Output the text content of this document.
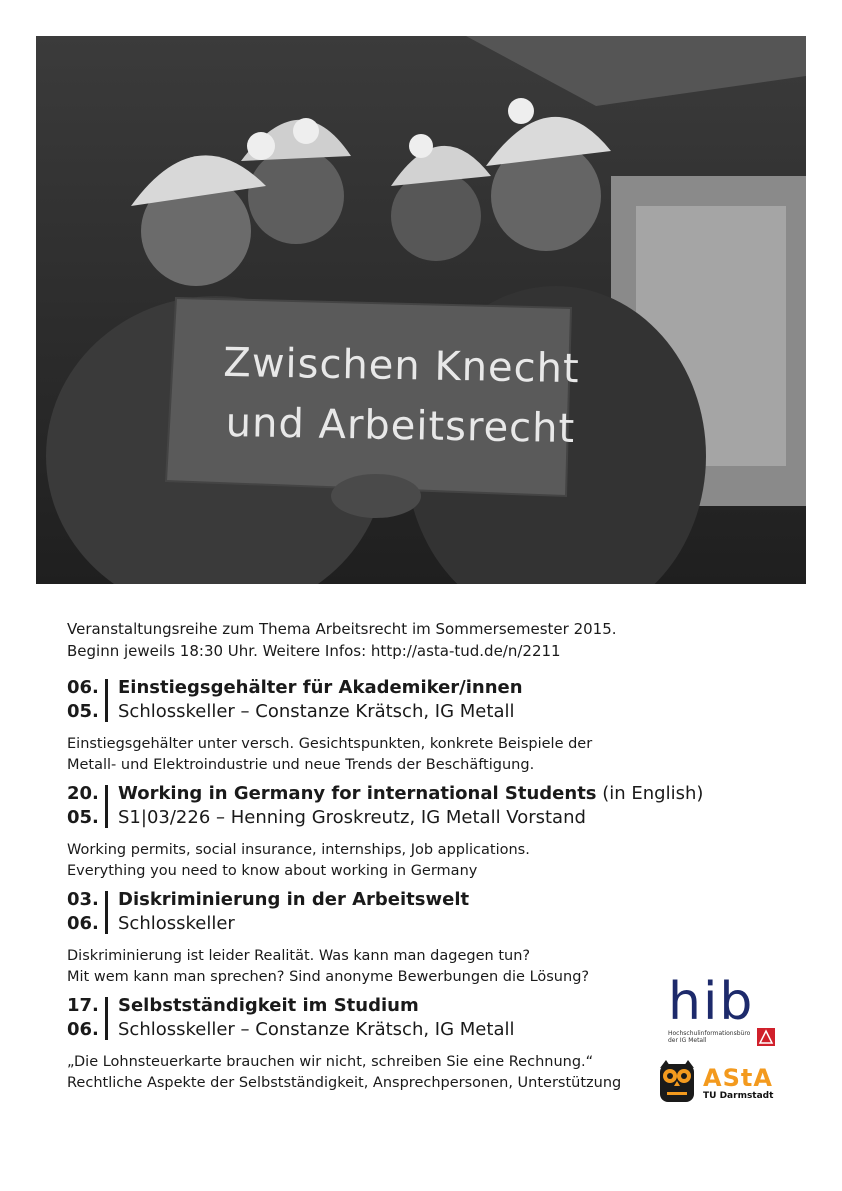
Zwischen Knecht
und Arbeitsrecht
Veranstaltungsreihe zum Thema Arbeitsrecht im Sommersemester 2015.
Beginn jeweils 18:30 Uhr. Weitere Infos: http://asta-tud.de/n/2211
06.
05.
Einstiegsgehälter für Akademiker/innen
Schlosskeller – Constanze Krätsch, IG Metall
Einstiegsgehälter unter versch. Gesichtspunkten, konkrete Beispiele der
Metall- und Elektroindustrie und neue Trends der Beschäftigung.
20.
05.
Working in Germany for international Students (in English)
S1|03/226 – Henning Groskreutz, IG Metall Vorstand
Working permits, social insurance, internships, Job applications.
Everything you need to know about working in Germany
03.
06.
Diskriminierung in der Arbeitswelt
Schlosskeller
Diskriminierung ist leider Realität. Was kann man dagegen tun?
Mit wem kann man sprechen? Sind anonyme Bewerbungen die Lösung?
17.
06.
Selbstständigkeit im Studium
Schlosskeller – Constanze Krätsch, IG Metall
„Die Lohnsteuerkarte brauchen wir nicht, schreiben Sie eine Rechnung.“
Rechtliche Aspekte der Selbstständigkeit, Ansprechpersonen, Unterstützung
hib
Hochschulinformationsbüro
der IG Metall
AStA
TU Darmstadt
